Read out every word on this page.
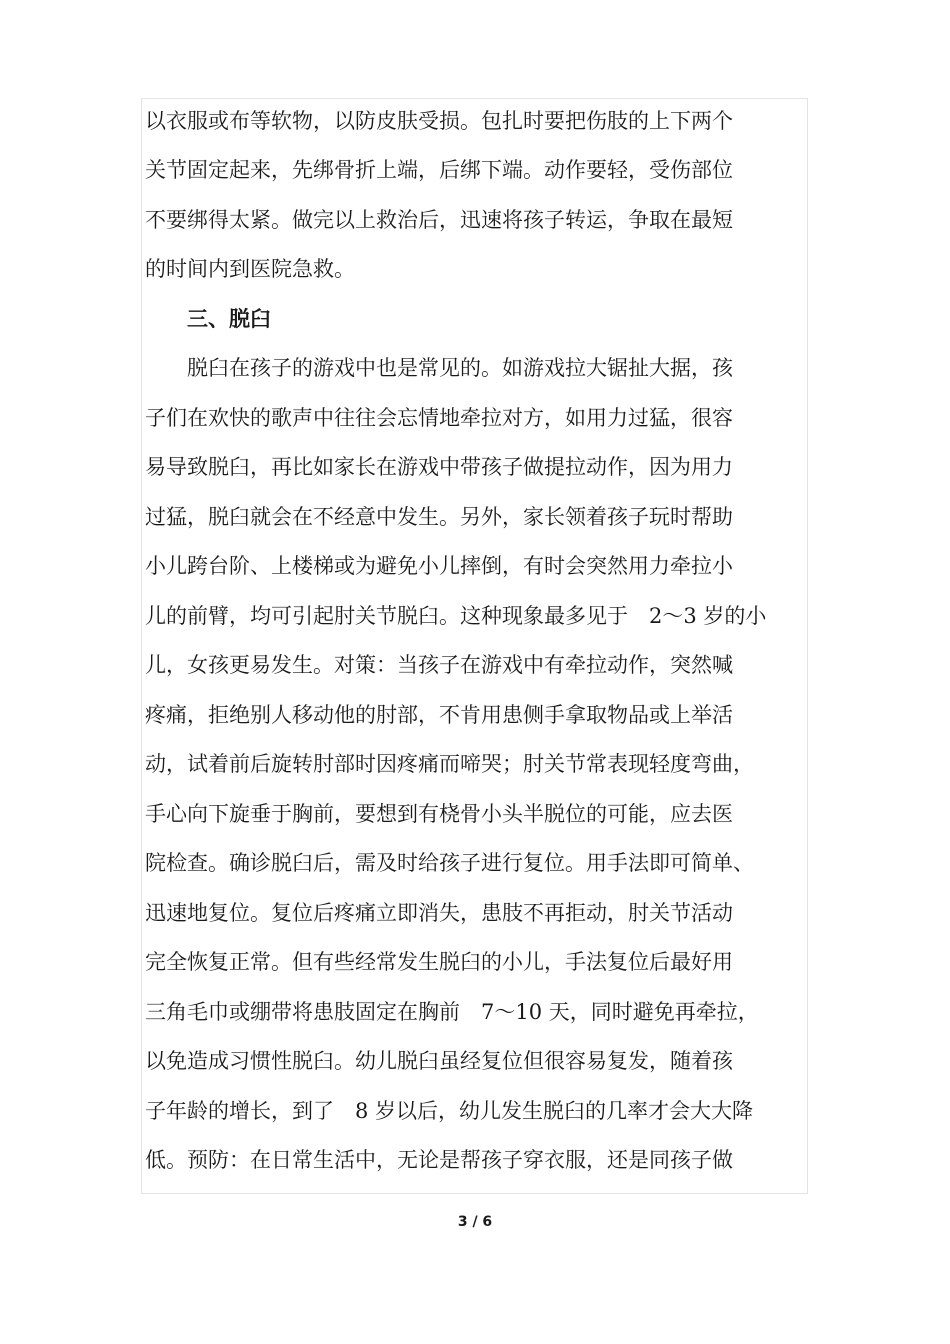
以衣服或布等软物，以防皮肤受损。包扎时要把伤肢的上下两个
关节固定起来，先绑骨折上端，后绑下端。动作要轻，受伤部位
不要绑得太紧。做完以上救治后，迅速将孩子转运，争取在最短
的时间内到医院急救。
　　三、脱臼
　　脱臼在孩子的游戏中也是常见的。如游戏拉大锯扯大据，孩
子们在欢快的歌声中往往会忘情地牵拉对方，如用力过猛，很容
易导致脱臼，再比如家长在游戏中带孩子做提拉动作，因为用力
过猛，脱臼就会在不经意中发生。另外，家长领着孩子玩时帮助
小儿跨台阶、上楼梯或为避免小儿摔倒，有时会突然用力牵拉小
儿的前臂，均可引起肘关节脱臼。这种现象最多见于　2～3 岁的小
儿，女孩更易发生。对策：当孩子在游戏中有牵拉动作，突然喊
疼痛，拒绝别人移动他的肘部，不肯用患侧手拿取物品或上举活
动，试着前后旋转肘部时因疼痛而啼哭；肘关节常表现轻度弯曲，
手心向下旋垂于胸前，要想到有桡骨小头半脱位的可能，应去医
院检查。确诊脱臼后，需及时给孩子进行复位。用手法即可简单、
迅速地复位。复位后疼痛立即消失，患肢不再拒动，肘关节活动
完全恢复正常。但有些经常发生脱臼的小儿，手法复位后最好用
三角毛巾或绷带将患肢固定在胸前　7～10 天，同时避免再牵拉，
以免造成习惯性脱臼。幼儿脱臼虽经复位但很容易复发，随着孩
子年龄的增长，到了　8 岁以后，幼儿发生脱臼的几率才会大大降
低。预防：在日常生活中，无论是帮孩子穿衣服，还是同孩子做
3 / 6
